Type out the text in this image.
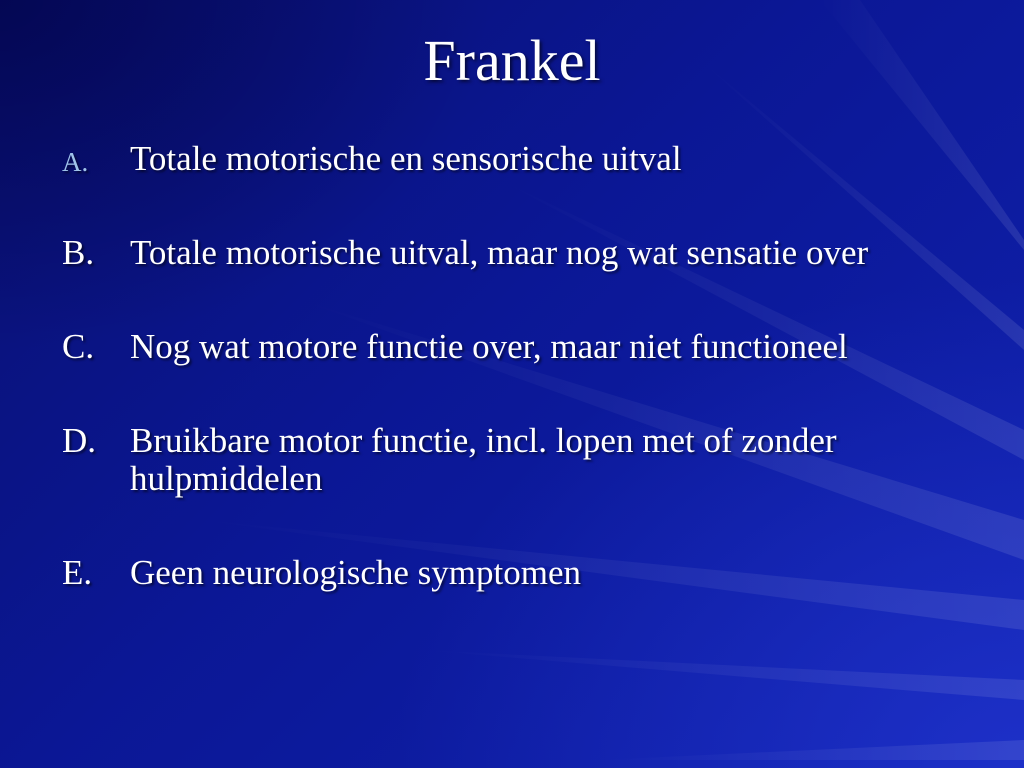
Frankel
A.	Totale motorische en sensorische uitval
B.	Totale motorische uitval, maar nog wat sensatie over
C.	Nog wat motore functie over, maar niet functioneel
D. Bruikbare motor functie, incl. lopen met of zonder hulpmiddelen
E.	Geen neurologische symptomen
